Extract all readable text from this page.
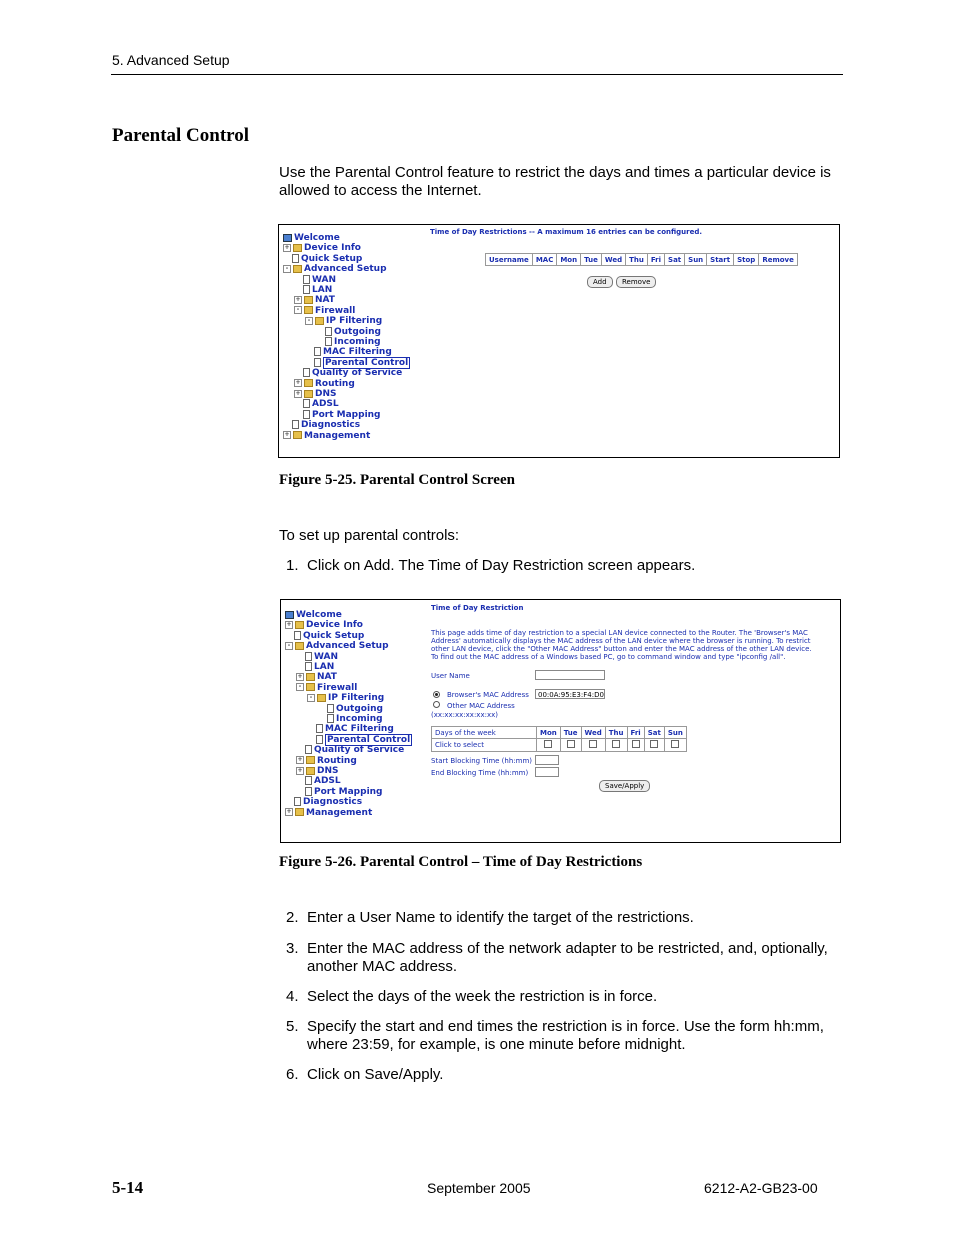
5. Advanced Setup
Parental Control
Use the Parental Control feature to restrict the days and times a particular device is allowed to access the Internet.
Welcome
+ Device Info
Quick Setup
- Advanced Setup
WAN
LAN
+ NAT
- Firewall
- IP Filtering
Outgoing
Incoming
MAC Filtering
Parental Control
Quality of Service
+ Routing
+ DNS
ADSL
Port Mapping
Diagnostics
+ Management
Time of Day Restrictions -- A maximum 16 entries can be configured.
Username	MAC	Mon	Tue	Wed	Thu	Fri	Sat	Sun	Start	Stop	Remove
Add	Remove
Figure 5-25. Parental Control Screen
To set up parental controls:
1. Click on Add. The Time of Day Restriction screen appears.
Welcome
+ Device Info
Quick Setup
- Advanced Setup
WAN
LAN
+ NAT
- Firewall
- IP Filtering
Outgoing
Incoming
MAC Filtering
Parental Control
Quality of Service
+ Routing
+ DNS
ADSL
Port Mapping
Diagnostics
+ Management
Time of Day Restriction
This page adds time of day restriction to a special LAN device connected to the Router. The 'Browser's MAC Address' automatically displays the MAC address of the LAN device where the browser is running. To restrict other LAN device, click the "Other MAC Address" button and enter the MAC address of the other LAN device. To find out the MAC address of a Windows based PC, go to command window and type "ipconfig /all".
User Name
Browser's MAC Address	00:0A:95:E3:F4:D0
Other MAC Address
(xx:xx:xx:xx:xx:xx)
Days of the week	Mon	Tue	Wed	Thu	Fri	Sat	Sun
Click to select							
Start Blocking Time (hh:mm)
End Blocking Time (hh:mm)
Save/Apply
Figure 5-26. Parental Control – Time of Day Restrictions
2. Enter a User Name to identify the target of the restrictions.
3. Enter the MAC address of the network adapter to be restricted, and, optionally, another MAC address.
4. Select the days of the week the restriction is in force.
5. Specify the start and end times the restriction is in force. Use the form hh:mm, where 23:59, for example, is one minute before midnight.
6. Click on Save/Apply.
5-14	September 2005	6212-A2-GB23-00
